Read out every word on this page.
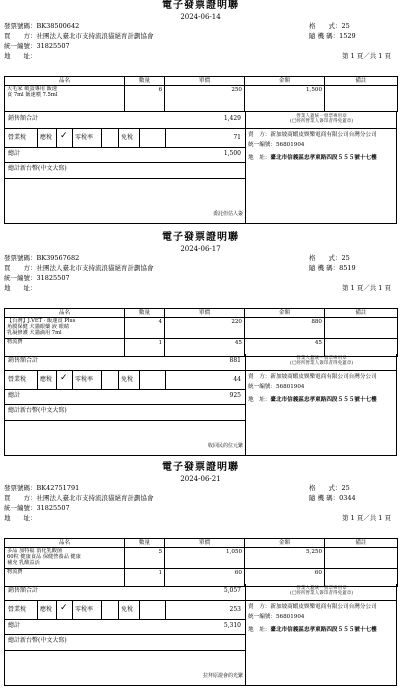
電子發票證明聯
2024-06-14
發票號碼：BK38500642	格　　式：25
買　　方：社團法人臺北市支持流浪貓絕育計劃協會	隨 機 碼：1529
統一編號：31825507
地　　址：	第 1 頁／共 1 頁
品名	數量	單價	金額	備註
大毛家 破蛋專用 飯速
食 7ml 飯速噴 7.5ml	6	250	1,500	
銷售額合計	1,429
營業稅 應稅 ✓ 零稅率	免稅	71
總計	1,500
總計新台幣(中文大寫)
委託但估人簽
營業人蓋統一發票專用章
(已經所營業人簽印者得免蓋章)
賣　方： 新加坡商蝦皮娛樂電商有限公司台灣分公司
統一編號：56801904
地　址： 臺北市信義區忠孝東路四段５５５號十七樓
電子發票證明聯
2024-06-17
發票號碼：BK39567682	格　　式：25
買　　方：社團法人臺北市支持流浪貓絕育計劃協會	隨 機 碼：8519
統一編號：31825507
地　　址：	第 1 頁／共 1 頁
品名	數量	單價	金額	備註
【台灣】J.VET · 飯速食 Plus
角膜保健 犬貓眼藥 液 眼睛
乳凝修護 犬貓滴用 7ml	4	220	880	
物流費	1	45	45	
銷售額合計	881
營業稅 應稅 ✓ 零稅率	免稅	44
總計	925
總計新台幣(中文大寫)
收回民的位元繁
營業人蓋統一發票專用章
(已經所營業人簽印者得免蓋章)
賣　方： 新加坡商蝦皮娛樂電商有限公司台灣分公司
統一編號：56801904
地　址： 臺北市信義區忠孝東路四段５５５號十七樓
電子發票證明聯
2024-06-21
發票號碼：BK42751791	格　　式：25
買　　方：社團法人臺北市支持流浪貓絕育計劃協會	隨 機 碼：0344
統一編號：31825507
地　　址：	第 1 頁／共 1 頁
品名	數量	單價	金額	備註
多品 加特福 消化乳酸菌
60粒 健康食品 保健營養品 健康
補充 乳酸益活	5	1,050	5,250	
物流費	1	60	60	
銷售額合計	5,057
營業稅 應稅 ✓ 零稅率	免稅	253
總計	5,310
總計新台幣(中文大寫)
拉拜原證會的光繁
營業人蓋統一發票專用章
(已經所營業人簽印者得免蓋章)
賣　方： 新加坡商蝦皮娛樂電商有限公司台灣分公司
統一編號：56801904
地　址： 臺北市信義區忠孝東路四段５５５號十七樓
